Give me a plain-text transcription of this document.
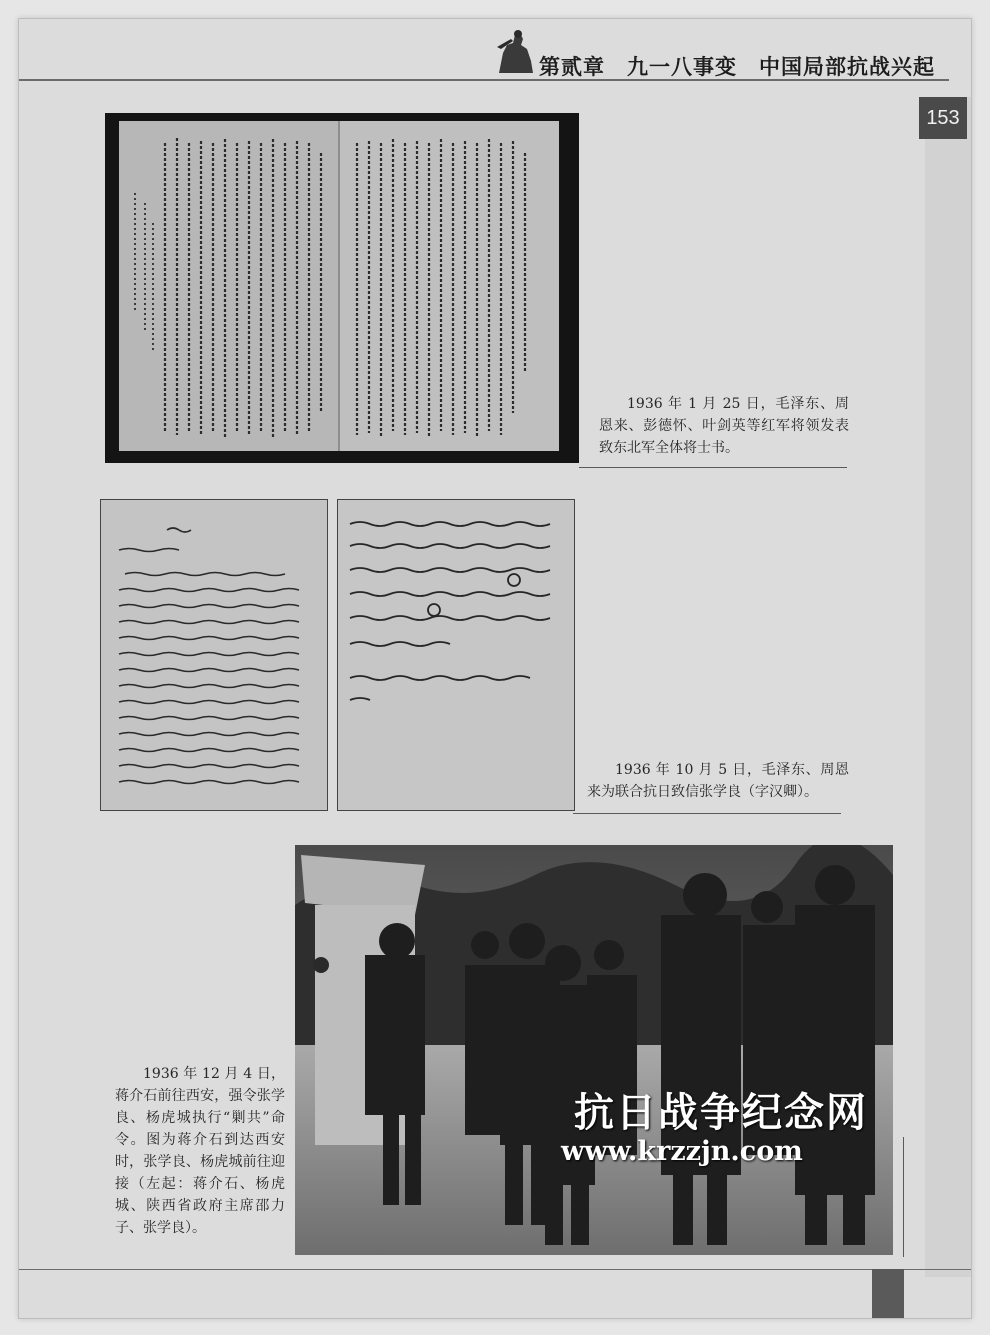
第贰章　九一八事变　中国局部抗战兴起
153
1936 年 1 月 25 日，毛泽东、周恩来、彭德怀、叶剑英等红军将领发表致东北军全体将士书。
1936 年 10 月 5 日，毛泽东、周恩来为联合抗日致信张学良（字汉卿）。
1936 年 12 月 4 日，蒋介石前往西安，强令张学良、杨虎城执行“剿共”命令。图为蒋介石到达西安时，张学良、杨虎城前往迎接（左起：蒋介石、杨虎城、陕西省政府主席邵力子、张学良）。
抗日战争纪念网
www.krzzjn.com
